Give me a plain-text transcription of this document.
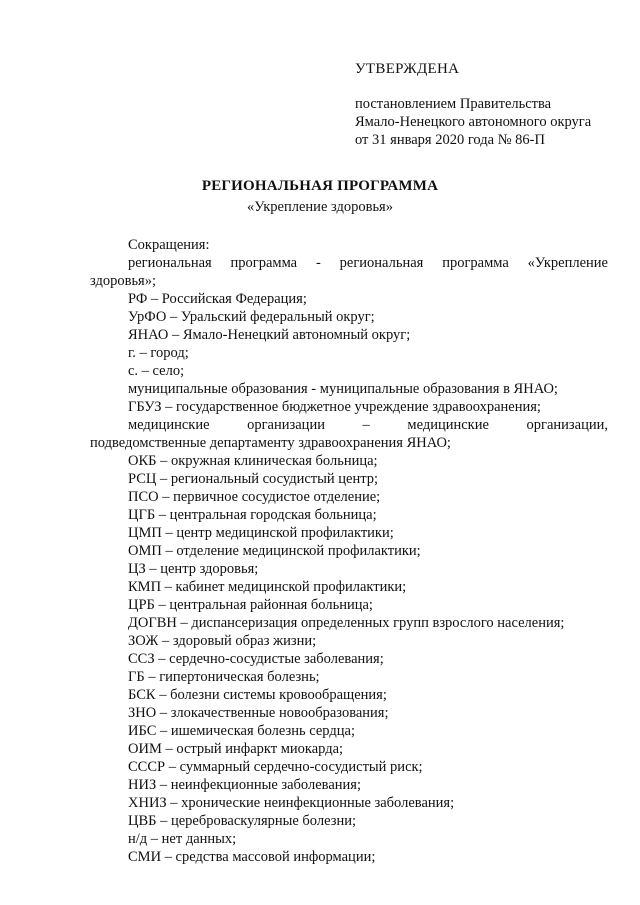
УТВЕРЖДЕНА
постановлением Правительства
Ямало-Ненецкого автономного округа
от 31 января 2020 года № 86-П
РЕГИОНАЛЬНАЯ ПРОГРАММА
«Укрепление здоровья»
Сокращения:
региональная программа - региональная программа «Укрепление
здоровья»;
РФ – Российская Федерация;
УрФО – Уральский федеральный округ;
ЯНАО – Ямало-Ненецкий автономный округ;
г. – город;
с. – село;
муниципальные образования - муниципальные образования в ЯНАО;
ГБУЗ – государственное бюджетное учреждение здравоохранения;
медицинские организации – медицинские организации,
подведомственные департаменту здравоохранения ЯНАО;
ОКБ – окружная клиническая больница;
РСЦ – региональный сосудистый центр;
ПСО – первичное сосудистое отделение;
ЦГБ – центральная городская больница;
ЦМП – центр медицинской профилактики;
ОМП – отделение медицинской профилактики;
ЦЗ – центр здоровья;
КМП – кабинет медицинской профилактики;
ЦРБ – центральная районная больница;
ДОГВН – диспансеризация определенных групп взрослого населения;
ЗОЖ – здоровый образ жизни;
ССЗ – сердечно-сосудистые заболевания;
ГБ – гипертоническая болезнь;
БСК – болезни системы кровообращения;
ЗНО – злокачественные новообразования;
ИБС – ишемическая болезнь сердца;
ОИМ – острый инфаркт миокарда;
СССР – суммарный сердечно-сосудистый риск;
НИЗ – неинфекционные заболевания;
ХНИЗ – хронические неинфекционные заболевания;
ЦВБ – цереброваскулярные болезни;
н/д – нет данных;
СМИ – средства массовой информации;
